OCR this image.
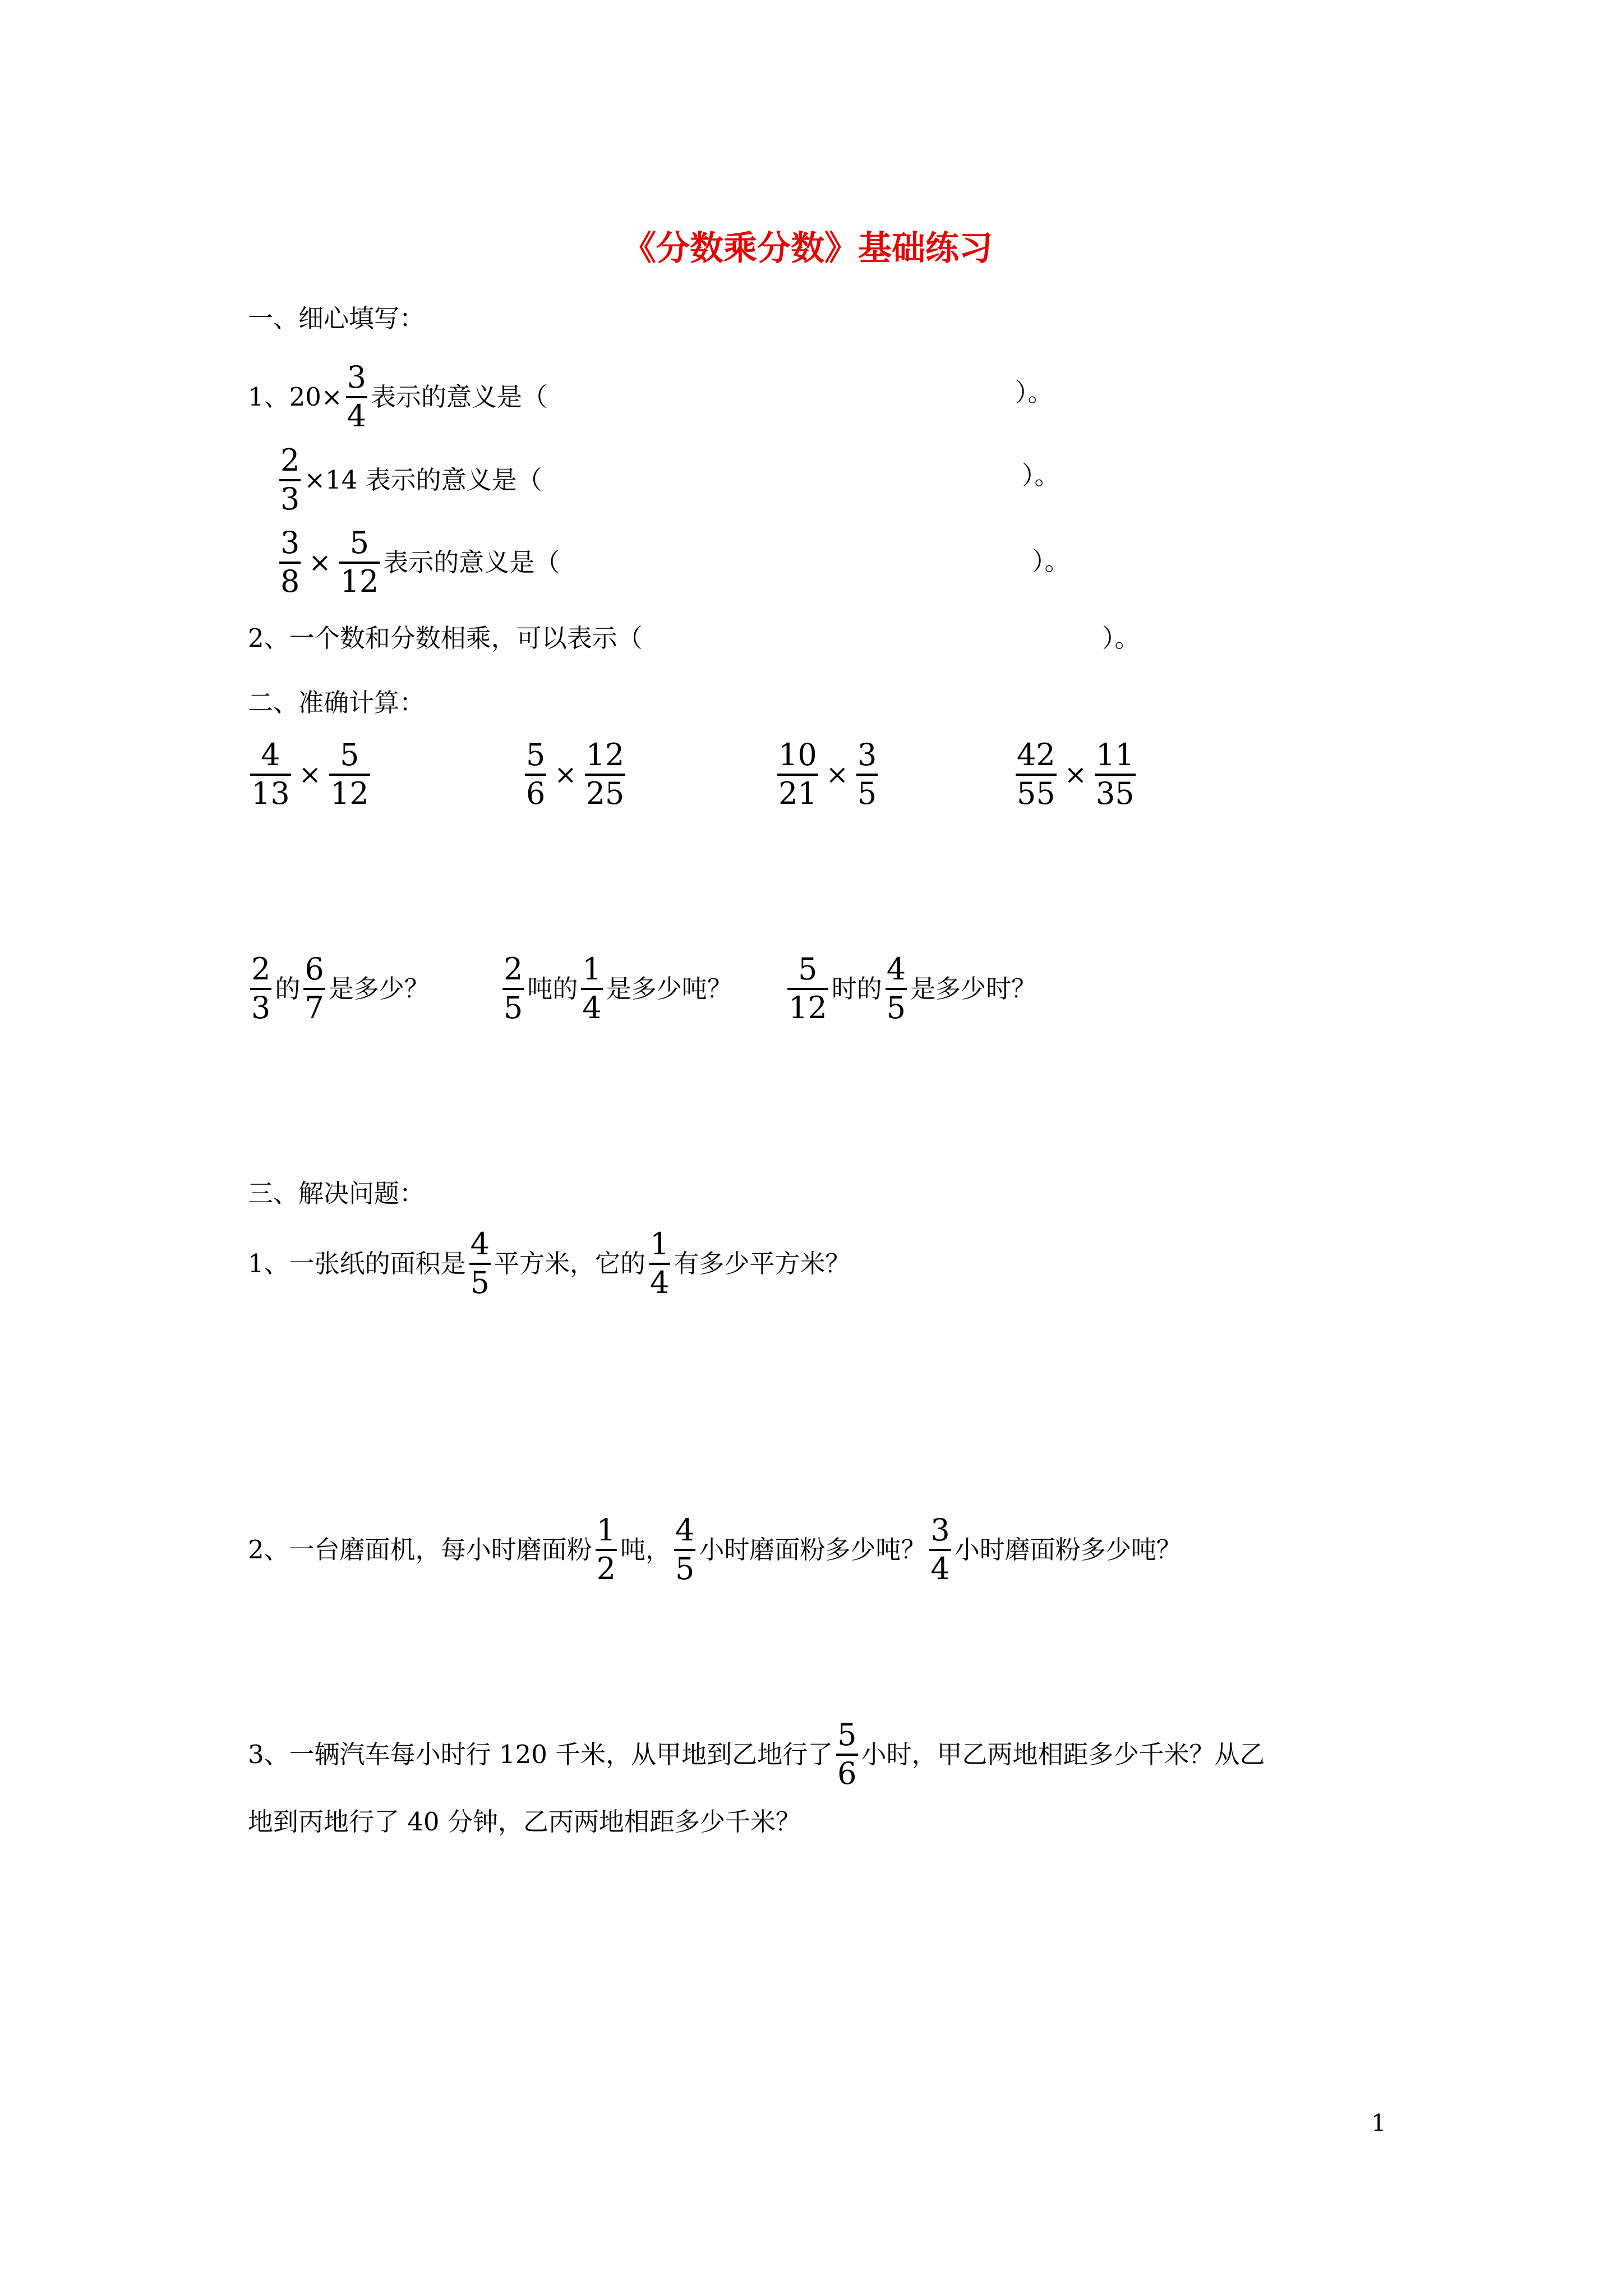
《分数乘分数》基础练习
一、细心填写：
1、$20\times \frac{3}{4}$ 表示的意义是（	）。
$\frac{2}{3} \times 14$ 表示的意义是（	）。
$\frac{3}{8} \times \frac{5}{12}$ 表示的意义是（	）。
2、一个数和分数相乘，可以表示（	）。
二、准确计算：
$\frac{4}{13} \times \frac{5}{12}$	$\frac{5}{6} \times \frac{12}{25}$	$\frac{10}{21} \times \frac{3}{5}$	$\frac{42}{55} \times \frac{11}{35}$
$\frac{2}{3}$ 的 $\frac{6}{7}$ 是多少？ $\frac{2}{5}$ 吨的 $\frac{1}{4}$ 是多少吨？ $\frac{5}{12}$ 时的 $\frac{4}{5}$ 是多少时？
三、解决问题：
1、一张纸的面积是 $\frac{4}{5}$ 平方米，它的 $\frac{1}{4}$ 有多少平方米？
2、一台磨面机，每小时磨面粉 $\frac{1}{2}$ 吨， $\frac{4}{5}$ 小时磨面粉多少吨？ $\frac{3}{4}$ 小时磨面粉多少吨？
3、一辆汽车每小时行 120 千米，从甲地到乙地行了 $\frac{5}{6}$ 小时，甲乙两地相距多少千米？从乙
地到丙地行了 40 分钟，乙丙两地相距多少千米？
1
